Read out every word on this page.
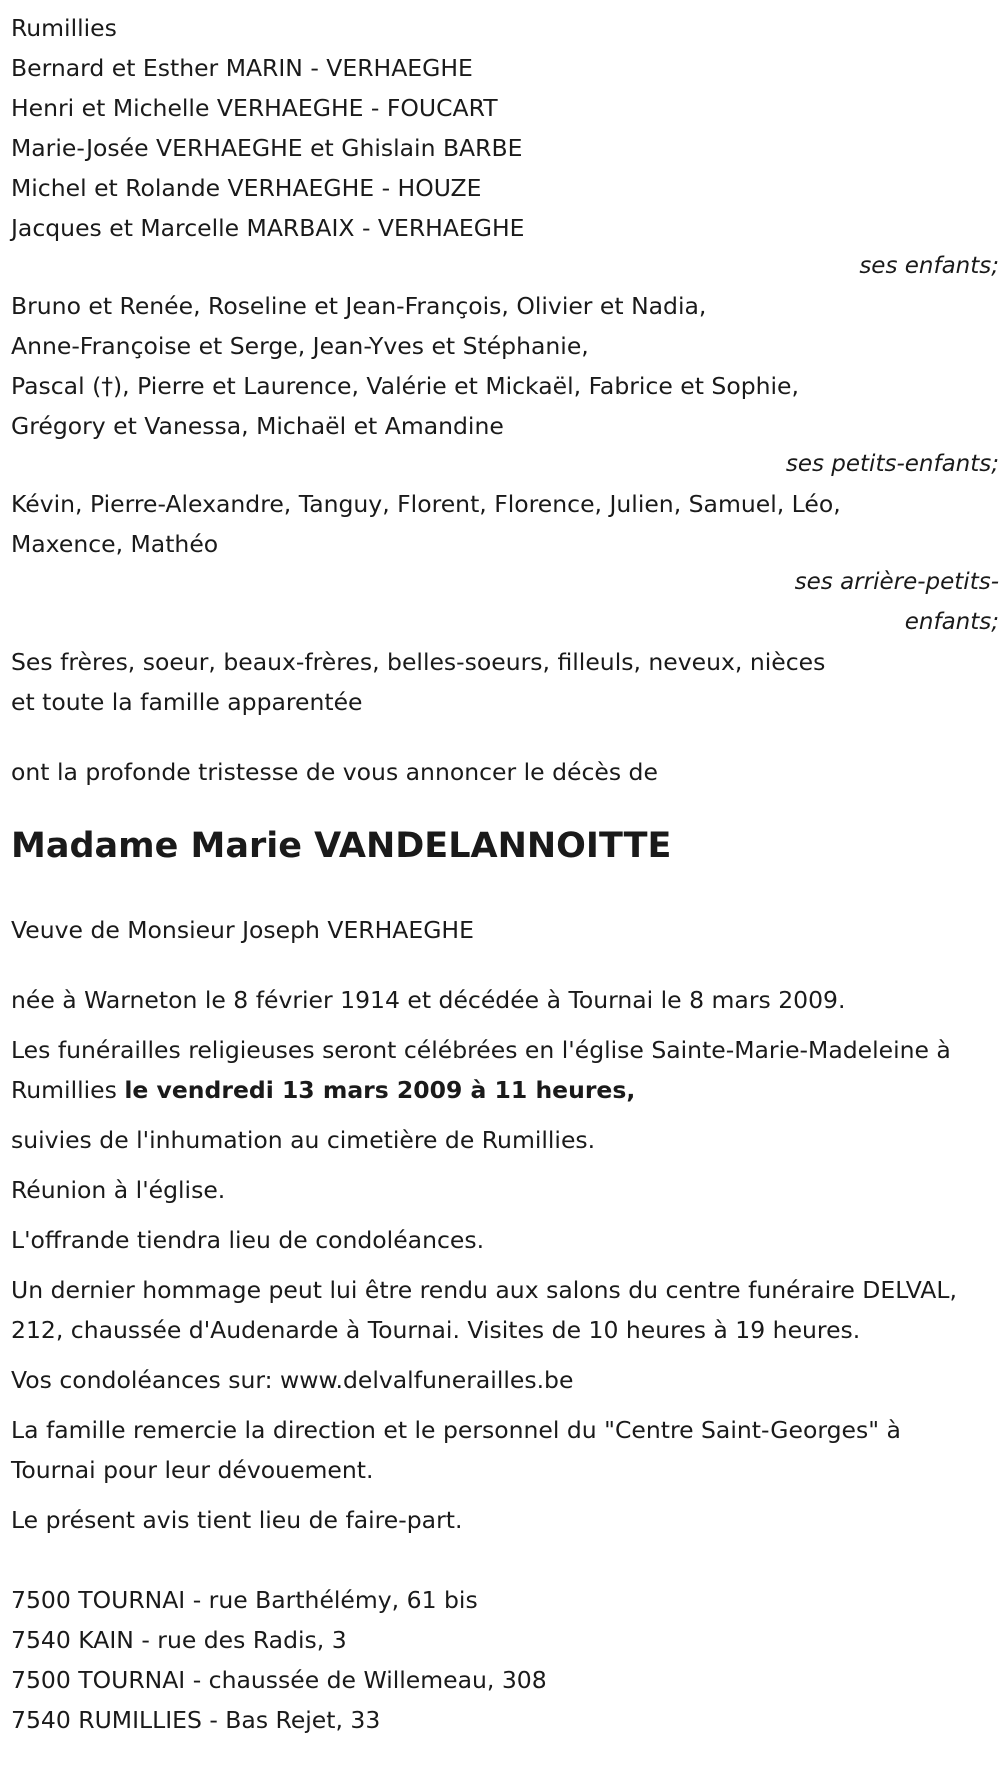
Rumillies

Bernard et Esther MARIN - VERHAEGHE

Henri et Michelle VERHAEGHE - FOUCART

Marie-Josée VERHAEGHE et Ghislain BARBE

Michel et Rolande VERHAEGHE - HOUZE

Jacques et Marcelle MARBAIX - VERHAEGHE

ses enfants;

Bruno et Renée, Roseline et Jean-François, Olivier et Nadia,

Anne-Françoise et Serge, Jean-Yves et Stéphanie,

Pascal (†), Pierre et Laurence, Valérie et Mickaël, Fabrice et Sophie,

Grégory et Vanessa, Michaël et Amandine

ses petits-enfants;

Kévin, Pierre-Alexandre, Tanguy, Florent, Florence, Julien, Samuel, Léo,

Maxence, Mathéo

ses arrière-petits-enfants;

Ses frères, soeur, beaux-frères, belles-soeurs, filleuls, neveux, nièces

et toute la famille apparentée

ont la profonde tristesse de vous annoncer le décès de

Madame Marie VANDELANNOITTE

Veuve de Monsieur Joseph VERHAEGHE

née à Warneton le 8 février 1914 et décédée à Tournai le 8 mars 2009.

Les funérailles religieuses seront célébrées en l'église Sainte-Marie-Madeleine à Rumillies le vendredi 13 mars 2009 à 11 heures,

suivies de l'inhumation au cimetière de Rumillies.

Réunion à l'église.

L'offrande tiendra lieu de condoléances.

Un dernier hommage peut lui être rendu aux salons du centre funéraire DELVAL, 212, chaussée d'Audenarde à Tournai. Visites de 10 heures à 19 heures.

Vos condoléances sur: www.delvalfunerailles.be

La famille remercie la direction et le personnel du "Centre Saint-Georges" à Tournai pour leur dévouement.

Le présent avis tient lieu de faire-part.

7500 TOURNAI - rue Barthélémy, 61 bis

7540 KAIN - rue des Radis, 3

7500 TOURNAI - chaussée de Willemeau, 308

7540 RUMILLIES - Bas Rejet, 33
